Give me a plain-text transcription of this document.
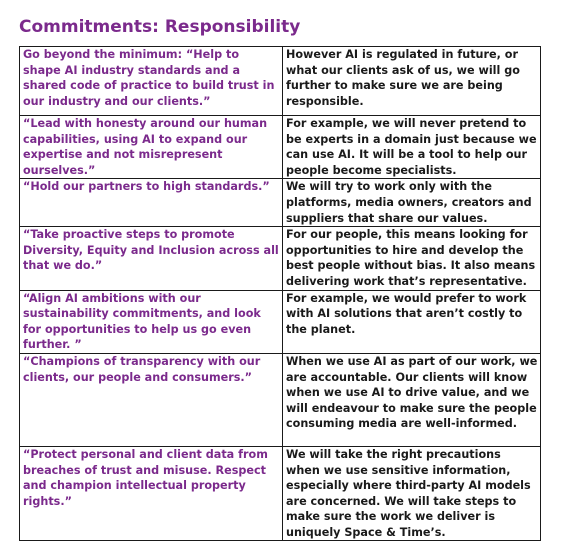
Commitments: Responsibility
Go beyond the minimum: “Help to shape AI industry standards and a shared code of practice to build trust in our industry and our clients.”	However AI is regulated in future, or what our clients ask of us, we will go further to make sure we are being responsible.

“Lead with honesty around our human capabilities, using AI to expand our expertise and not misrepresent ourselves.”	For example, we will never pretend to be experts in a domain just because we can use AI. It will be a tool to help our people become specialists.

“Hold our partners to high standards.”	We will try to work only with the platforms, media owners, creators and suppliers that share our values.

“Take proactive steps to promote Diversity, Equity and Inclusion across all that we do.”	For our people, this means looking for opportunities to hire and develop the best people without bias. It also means delivering work that’s representative.

“Align AI ambitions with our sustainability commitments, and look for opportunities to help us go even further. ”	For example, we would prefer to work with AI solutions that aren’t costly to the planet.

“Champions of transparency with our clients, our people and consumers.”	When we use AI as part of our work, we are accountable. Our clients will know when we use AI to drive value, and we will endeavour to make sure the people consuming media are well-informed.

“Protect personal and client data from breaches of trust and misuse. Respect and champion intellectual property rights.”	We will take the right precautions when we use sensitive information, especially where third-party AI models are concerned. We will take steps to make sure the work we deliver is uniquely Space & Time’s.
